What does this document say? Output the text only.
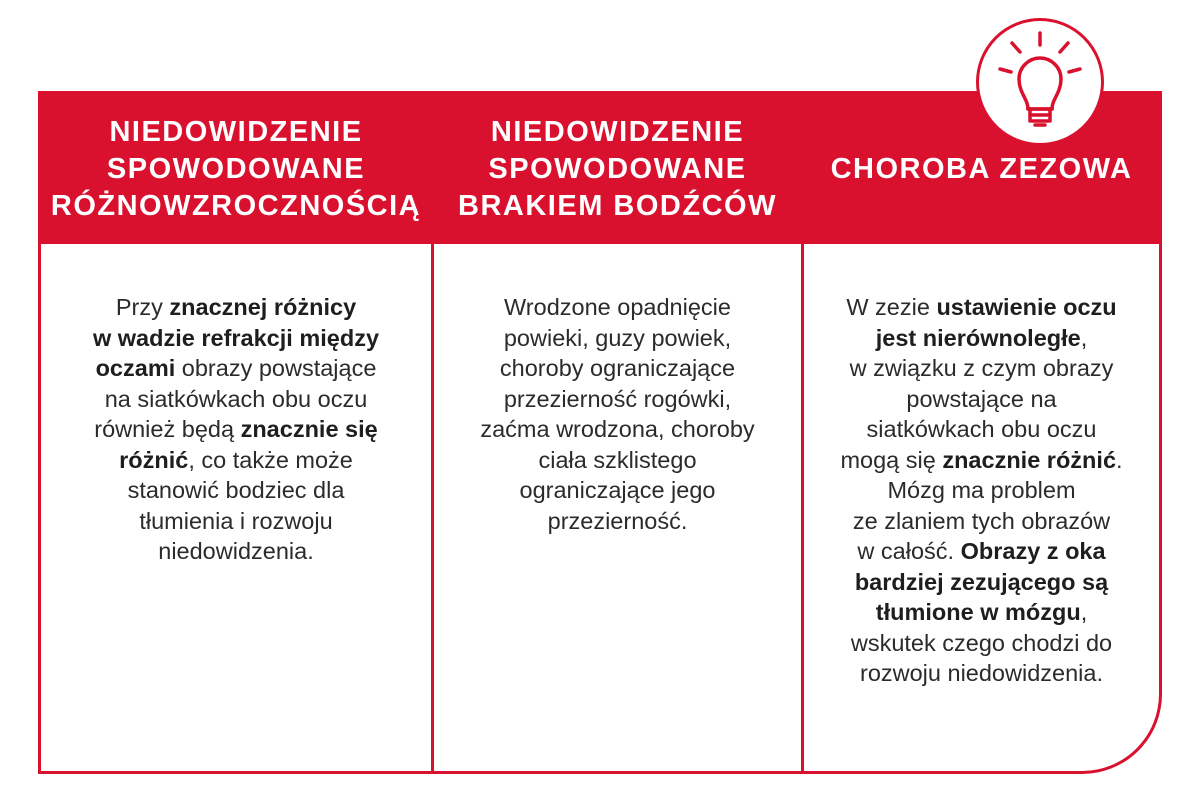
NIEDOWIDZENIE
SPOWODOWANE
RÓŻNOWZROCZNOŚCIĄ
NIEDOWIDZENIE
SPOWODOWANE
BRAKIEM BODŹCÓW
CHOROBA ZEZOWA
Przy znacznej różnicy
w wadzie refrakcji między
oczami obrazy powstające
na siatkówkach obu oczu
również będą znacznie się
różnić, co także może
stanowić bodziec dla
tłumienia i rozwoju
niedowidzenia.
Wrodzone opadnięcie
powieki, guzy powiek,
choroby ograniczające
przezierność rogówki,
zaćma wrodzona, choroby
ciała szklistego
ograniczające jego
przezierność.
W zezie ustawienie oczu
jest nierównoległe,
w związku z czym obrazy
powstające na
siatkówkach obu oczu
mogą się znacznie różnić.
Mózg ma problem
ze zlaniem tych obrazów
w całość. Obrazy z oka
bardziej zezującego są
tłumione w mózgu,
wskutek czego chodzi do
rozwoju niedowidzenia.
